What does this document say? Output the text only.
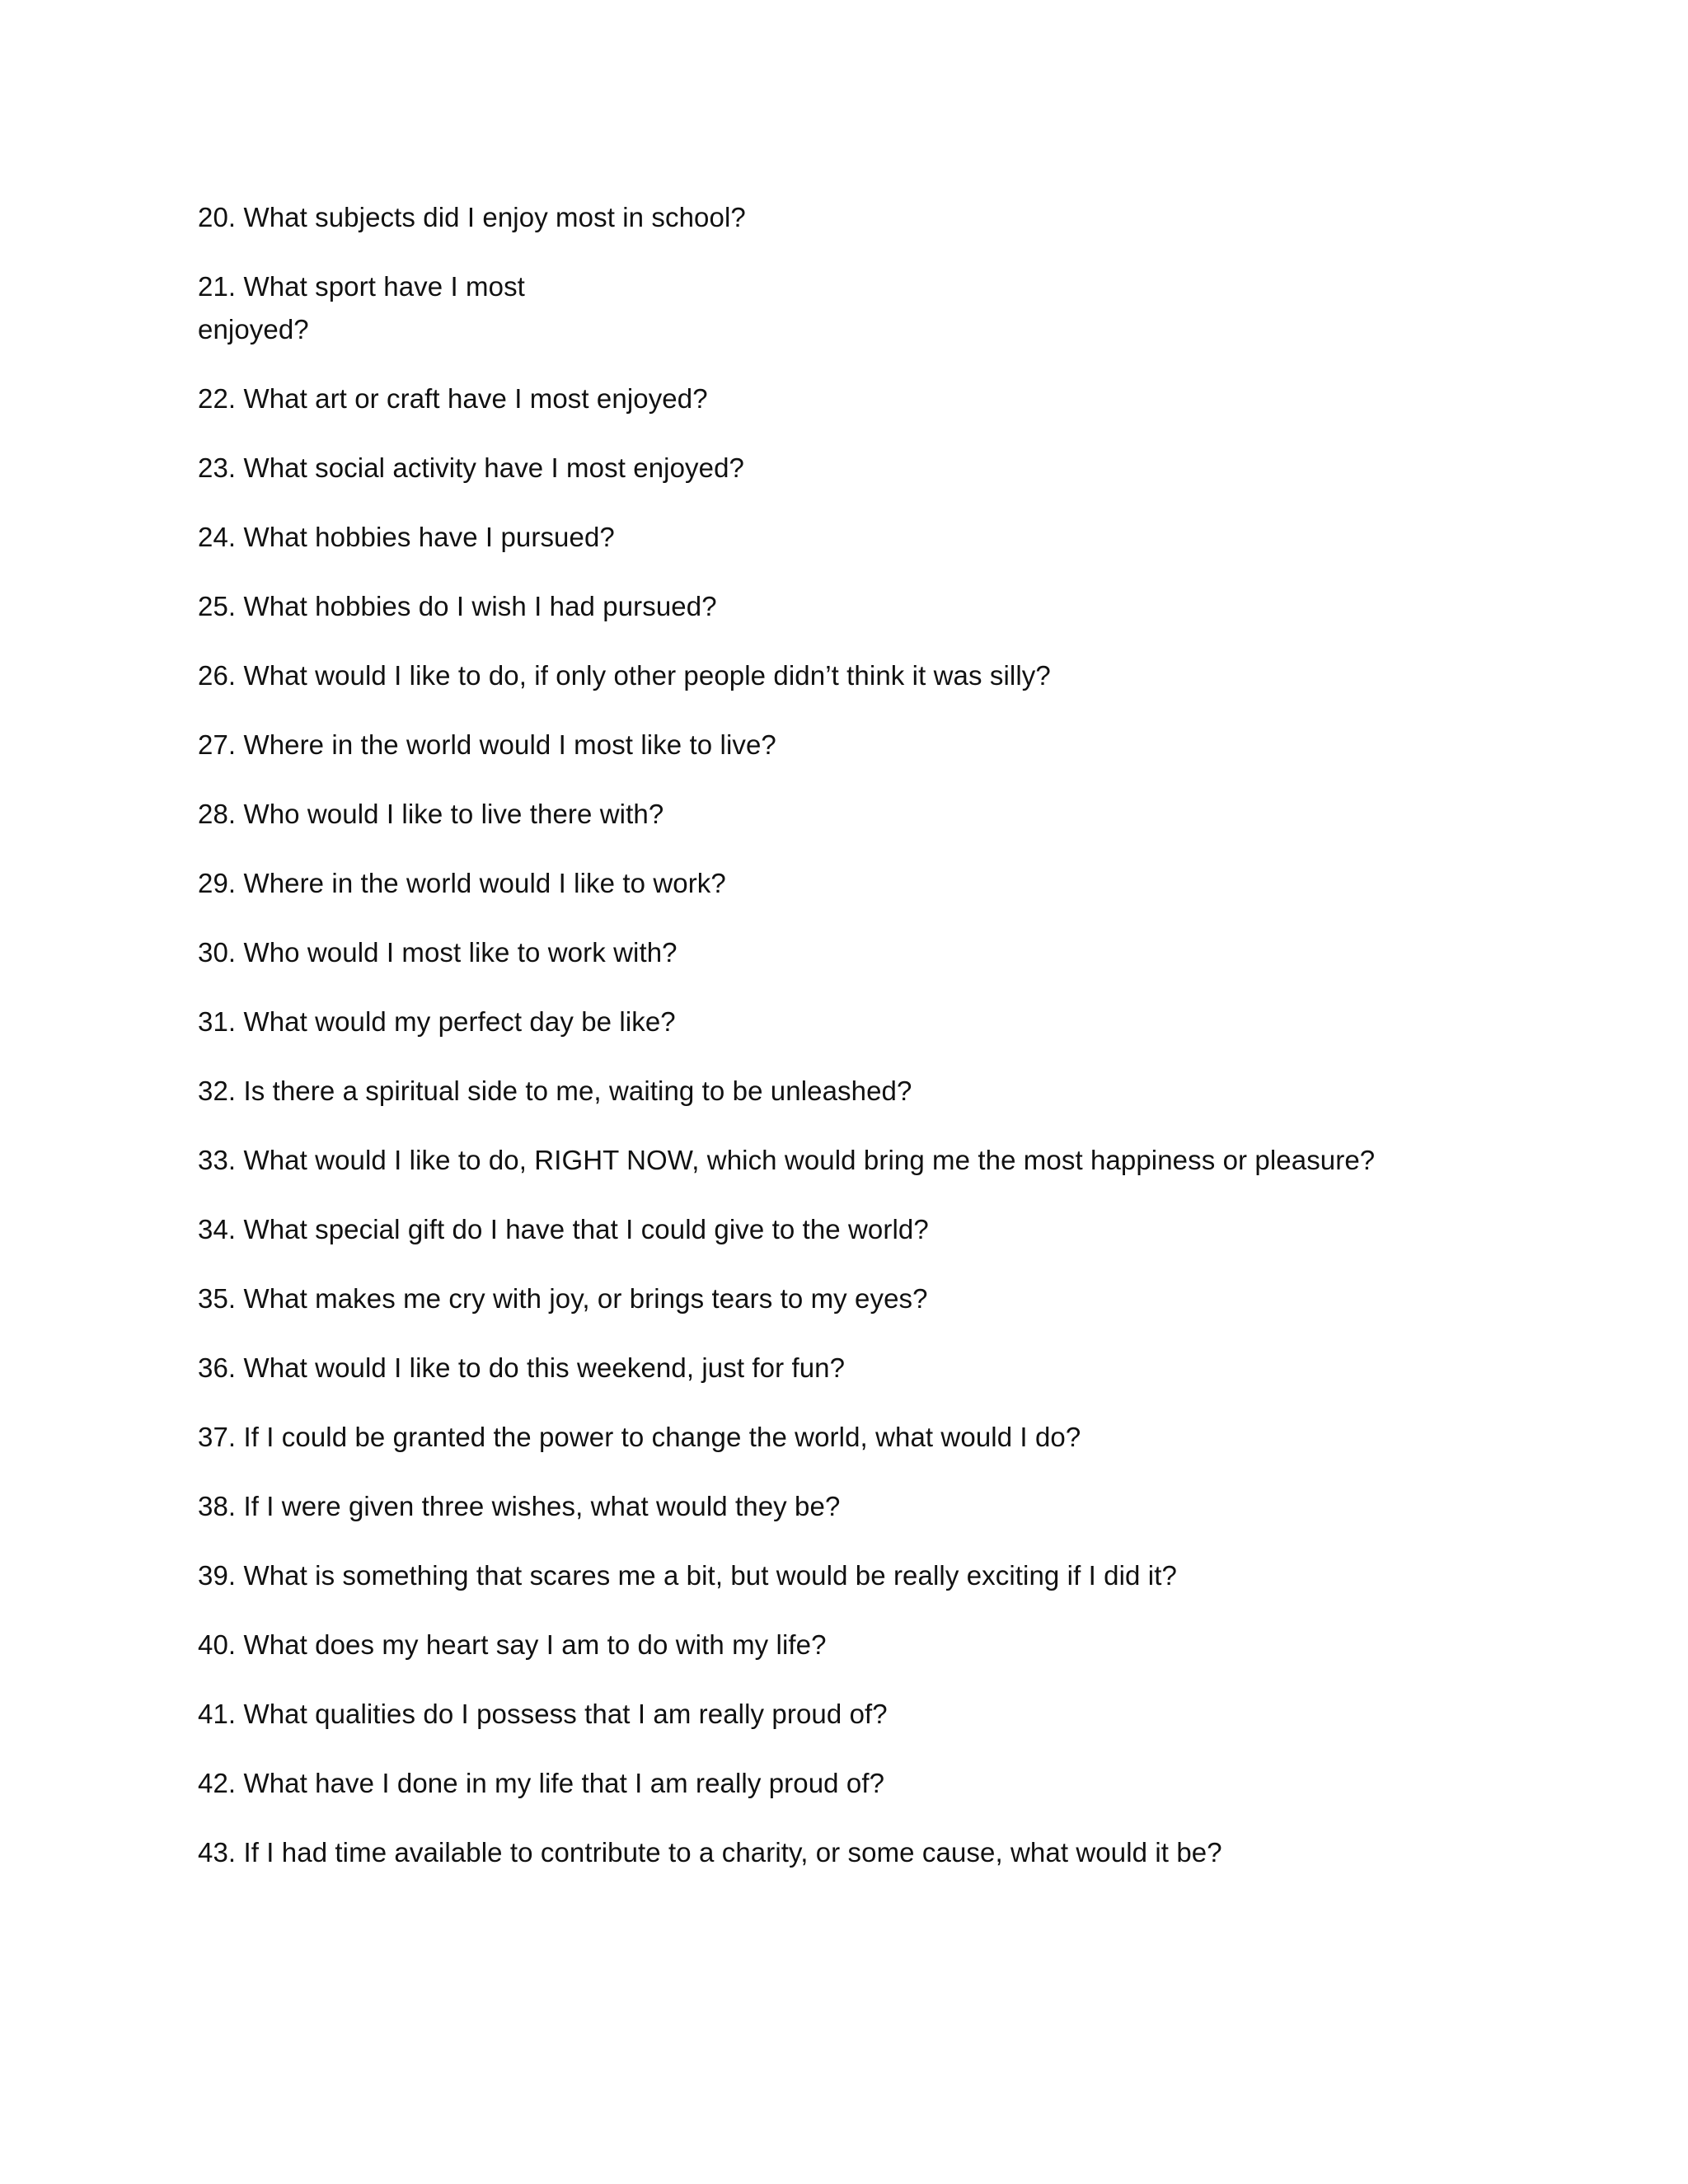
20. What subjects did I enjoy most in school?
21. What sport have I most
enjoyed?
22. What art or craft have I most enjoyed?
23. What social activity have I most enjoyed?
24. What hobbies have I pursued?
25. What hobbies do I wish I had pursued?
26. What would I like to do, if only other people didn’t think it was silly?
27. Where in the world would I most like to live?
28. Who would I like to live there with?
29. Where in the world would I like to work?
30. Who would I most like to work with?
31. What would my perfect day be like?
32. Is there a spiritual side to me, waiting to be unleashed?
33. What would I like to do, RIGHT NOW, which would bring me the most happiness or pleasure?
34. What special gift do I have that I could give to the world?
35. What makes me cry with joy, or brings tears to my eyes?
36. What would I like to do this weekend, just for fun?
37. If I could be granted the power to change the world, what would I do?
38. If I were given three wishes, what would they be?
39. What is something that scares me a bit, but would be really exciting if I did it?
40. What does my heart say I am to do with my life?
41. What qualities do I possess that I am really proud of?
42. What have I done in my life that I am really proud of?
43. If I had time available to contribute to a charity, or some cause, what would it be?
